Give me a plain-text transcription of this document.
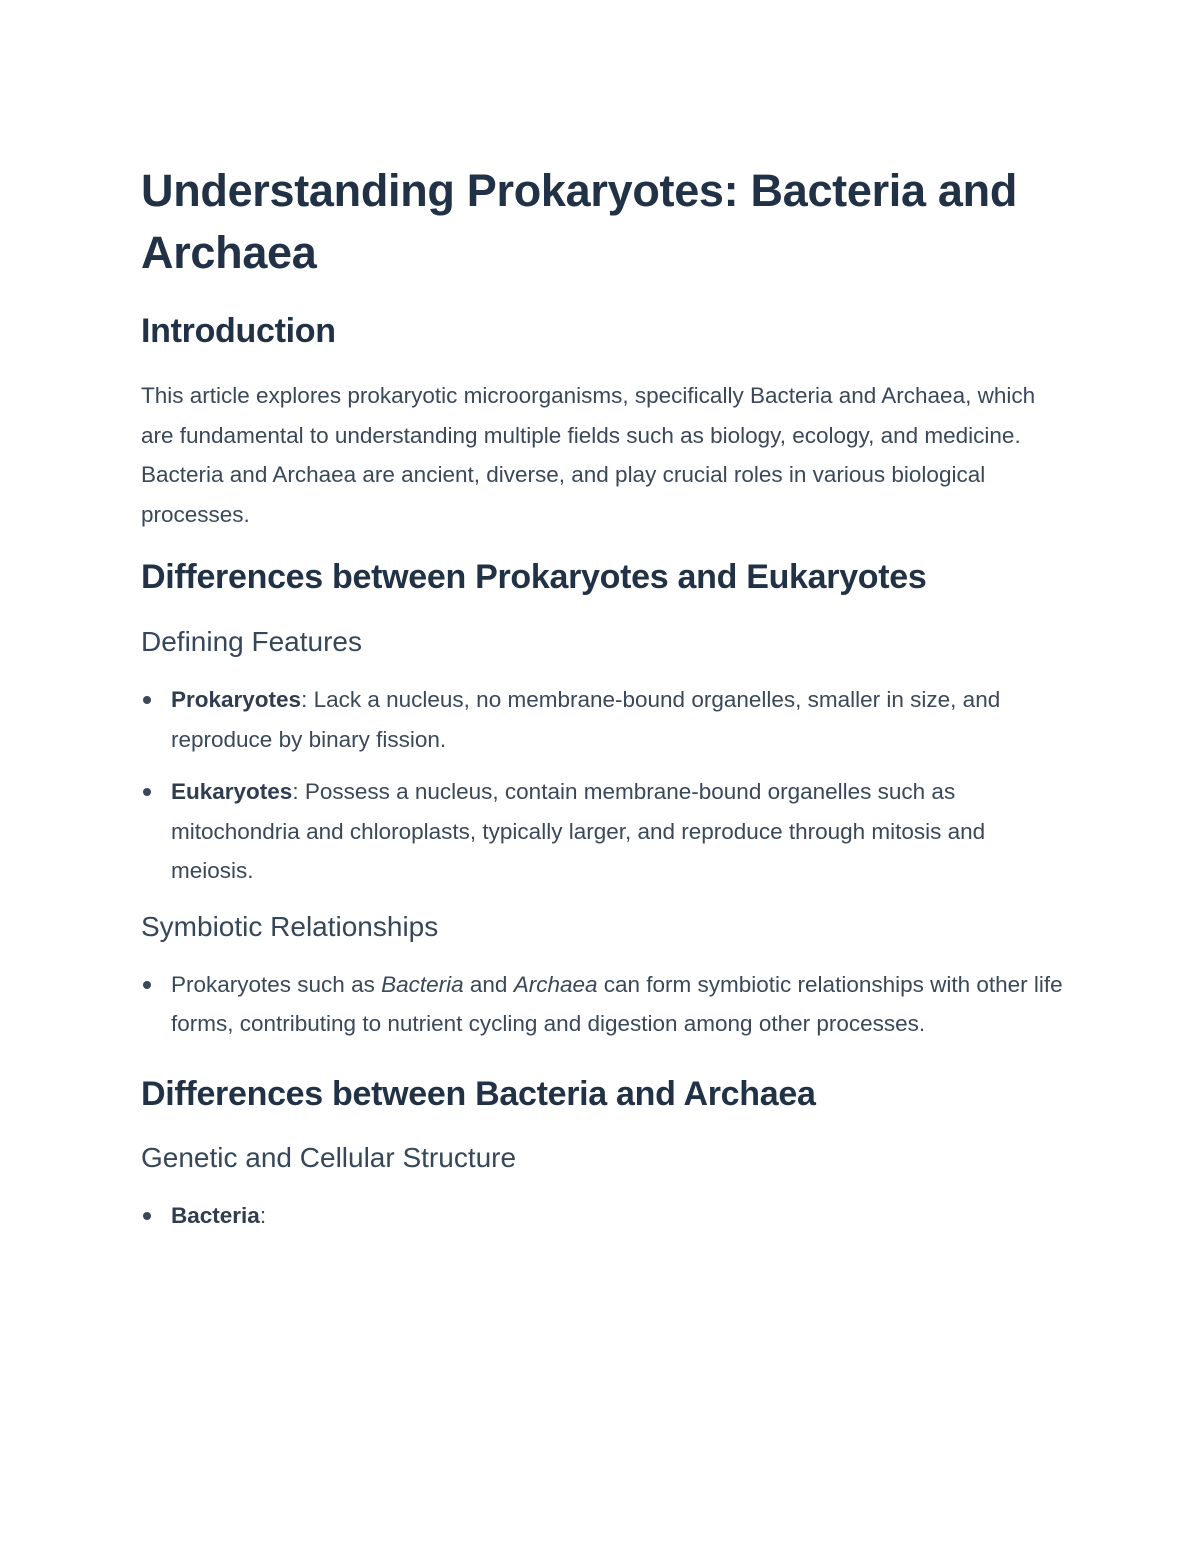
Understanding Prokaryotes: Bacteria and Archaea
Introduction

This article explores prokaryotic microorganisms, specifically Bacteria and Archaea, which are fundamental to understanding multiple fields such as biology, ecology, and medicine. Bacteria and Archaea are ancient, diverse, and play crucial roles in various biological processes.

Differences between Prokaryotes and Eukaryotes
Defining Features
Prokaryotes: Lack a nucleus, no membrane-bound organelles, smaller in size, and reproduce by binary fission.
Eukaryotes: Possess a nucleus, contain membrane-bound organelles such as mitochondria and chloroplasts, typically larger, and reproduce through mitosis and meiosis.
Symbiotic Relationships
Prokaryotes such as Bacteria and Archaea can form symbiotic relationships with other life forms, contributing to nutrient cycling and digestion among other processes.
Differences between Bacteria and Archaea
Genetic and Cellular Structure
Bacteria:
